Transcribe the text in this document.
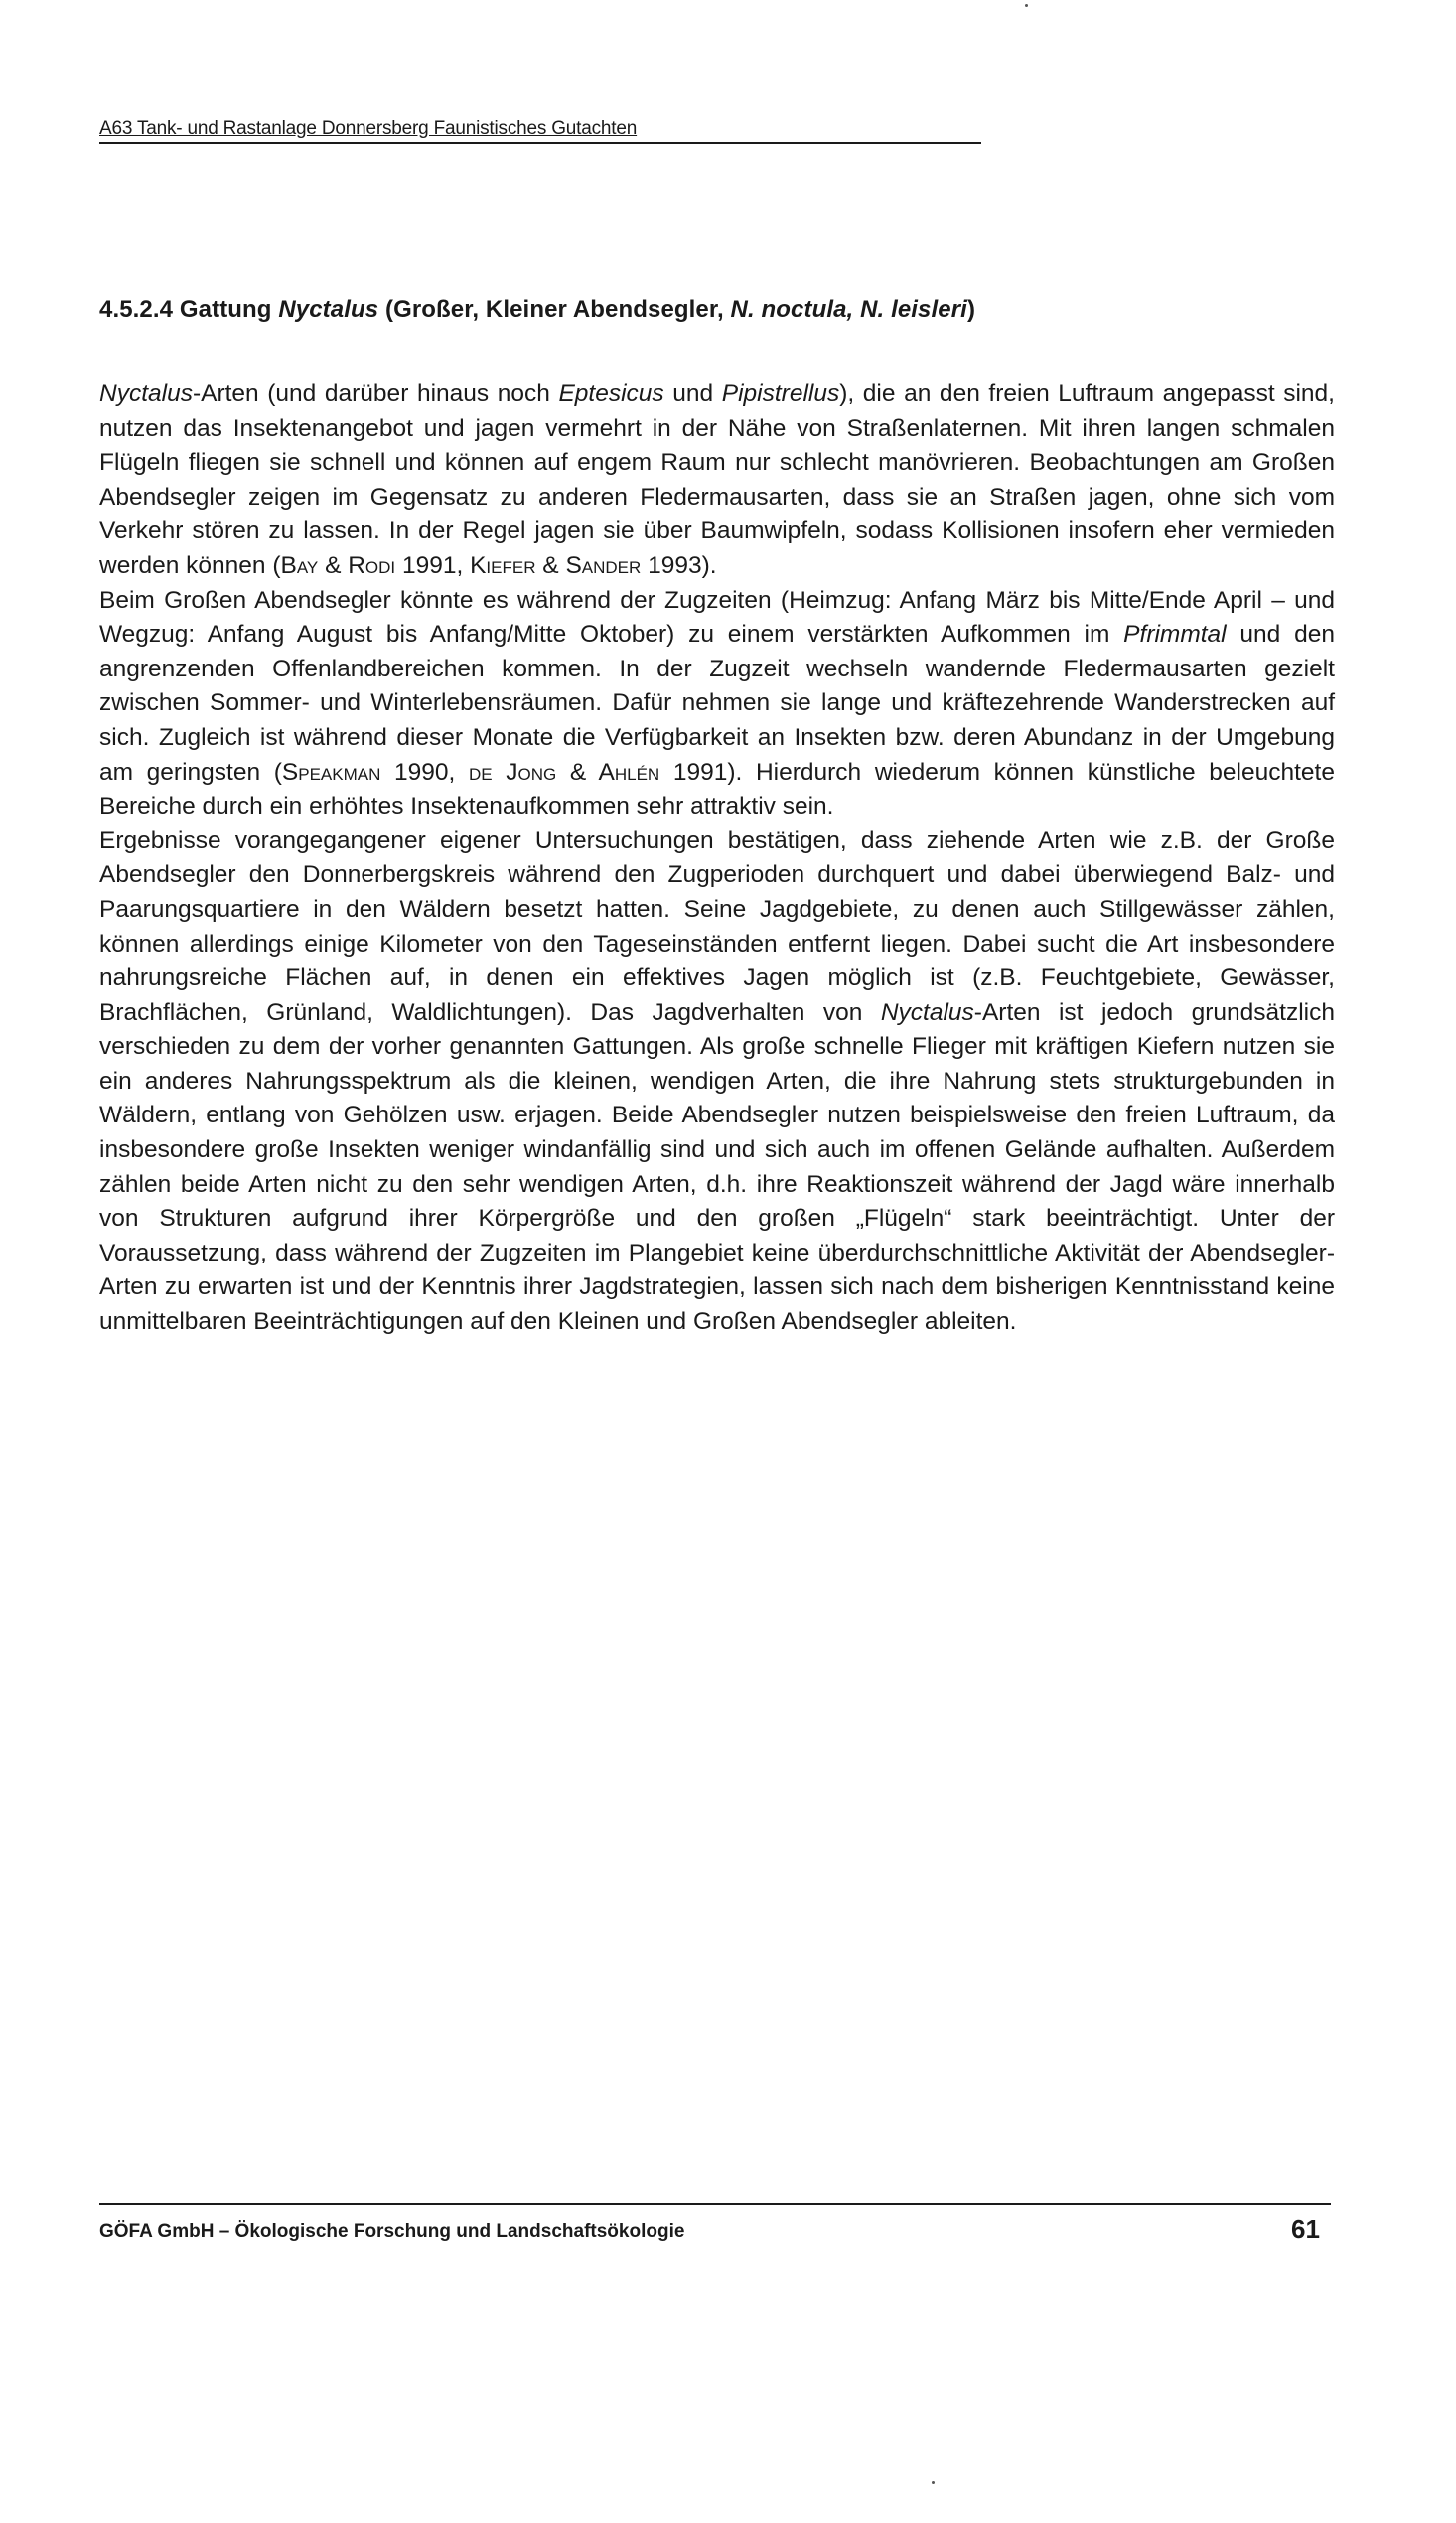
A63 Tank- und Rastanlage Donnersberg Faunistisches Gutachten
4.5.2.4 Gattung Nyctalus (Großer, Kleiner Abendsegler, N. noctula, N. leisleri)

Nyctalus-Arten (und darüber hinaus noch Eptesicus und Pipistrellus), die an den freien Luftraum angepasst sind, nutzen das Insektenangebot und jagen vermehrt in der Nähe von Straßenlaternen. Mit ihren langen schmalen Flügeln fliegen sie schnell und können auf engem Raum nur schlecht manövrieren. Beobachtungen am Großen Abendsegler zeigen im Gegensatz zu anderen Fledermausarten, dass sie an Straßen jagen, ohne sich vom Verkehr stören zu lassen. In der Regel jagen sie über Baumwipfeln, sodass Kollisionen insofern eher vermieden werden können (Bay & Rodi 1991, Kiefer & Sander 1993).

Beim Großen Abendsegler könnte es während der Zugzeiten (Heimzug: Anfang März bis Mitte/Ende April – und Wegzug: Anfang August bis Anfang/Mitte Oktober) zu einem verstärkten Aufkommen im Pfrimmtal und den angrenzenden Offenlandbereichen kommen. In der Zugzeit wechseln wandernde Fledermausarten gezielt zwischen Sommer- und Winterlebensräumen. Dafür nehmen sie lange und kräftezehrende Wanderstrecken auf sich. Zugleich ist während dieser Monate die Verfügbarkeit an Insekten bzw. deren Abundanz in der Umgebung am geringsten (Speakman 1990, de Jong & Ahlén 1991). Hierdurch wiederum können künstliche beleuchtete Bereiche durch ein erhöhtes Insektenaufkommen sehr attraktiv sein.

Ergebnisse vorangegangener eigener Untersuchungen bestätigen, dass ziehende Arten wie z.B. der Große Abendsegler den Donnerbergskreis während den Zugperioden durchquert und dabei überwiegend Balz- und Paarungsquartiere in den Wäldern besetzt hatten. Seine Jagdgebiete, zu denen auch Stillgewässer zählen, können allerdings einige Kilometer von den Tageseinständen entfernt liegen. Dabei sucht die Art insbesondere nahrungsreiche Flächen auf, in denen ein effektives Jagen möglich ist (z.B. Feuchtgebiete, Gewässer, Brachflächen, Grünland, Waldlichtungen). Das Jagdverhalten von Nyctalus-Arten ist jedoch grundsätzlich verschieden zu dem der vorher genannten Gattungen. Als große schnelle Flieger mit kräftigen Kiefern nutzen sie ein anderes Nahrungsspektrum als die kleinen, wendigen Arten, die ihre Nahrung stets strukturgebunden in Wäldern, entlang von Gehölzen usw. erjagen. Beide Abendsegler nutzen beispielsweise den freien Luftraum, da insbesondere große Insekten weniger windanfällig sind und sich auch im offenen Gelände aufhalten. Außerdem zählen beide Arten nicht zu den sehr wendigen Arten, d.h. ihre Reaktionszeit während der Jagd wäre innerhalb von Strukturen aufgrund ihrer Körpergröße und den großen „Flügeln“ stark beeinträchtigt. Unter der Voraussetzung, dass während der Zugzeiten im Plangebiet keine überdurchschnittliche Aktivität der Abendsegler-Arten zu erwarten ist und der Kenntnis ihrer Jagdstrategien, lassen sich nach dem bisherigen Kenntnisstand keine unmittelbaren Beeinträchtigungen auf den Kleinen und Großen Abendsegler ableiten.

GÖFA GmbH – Ökologische Forschung und Landschaftsökologie	61
